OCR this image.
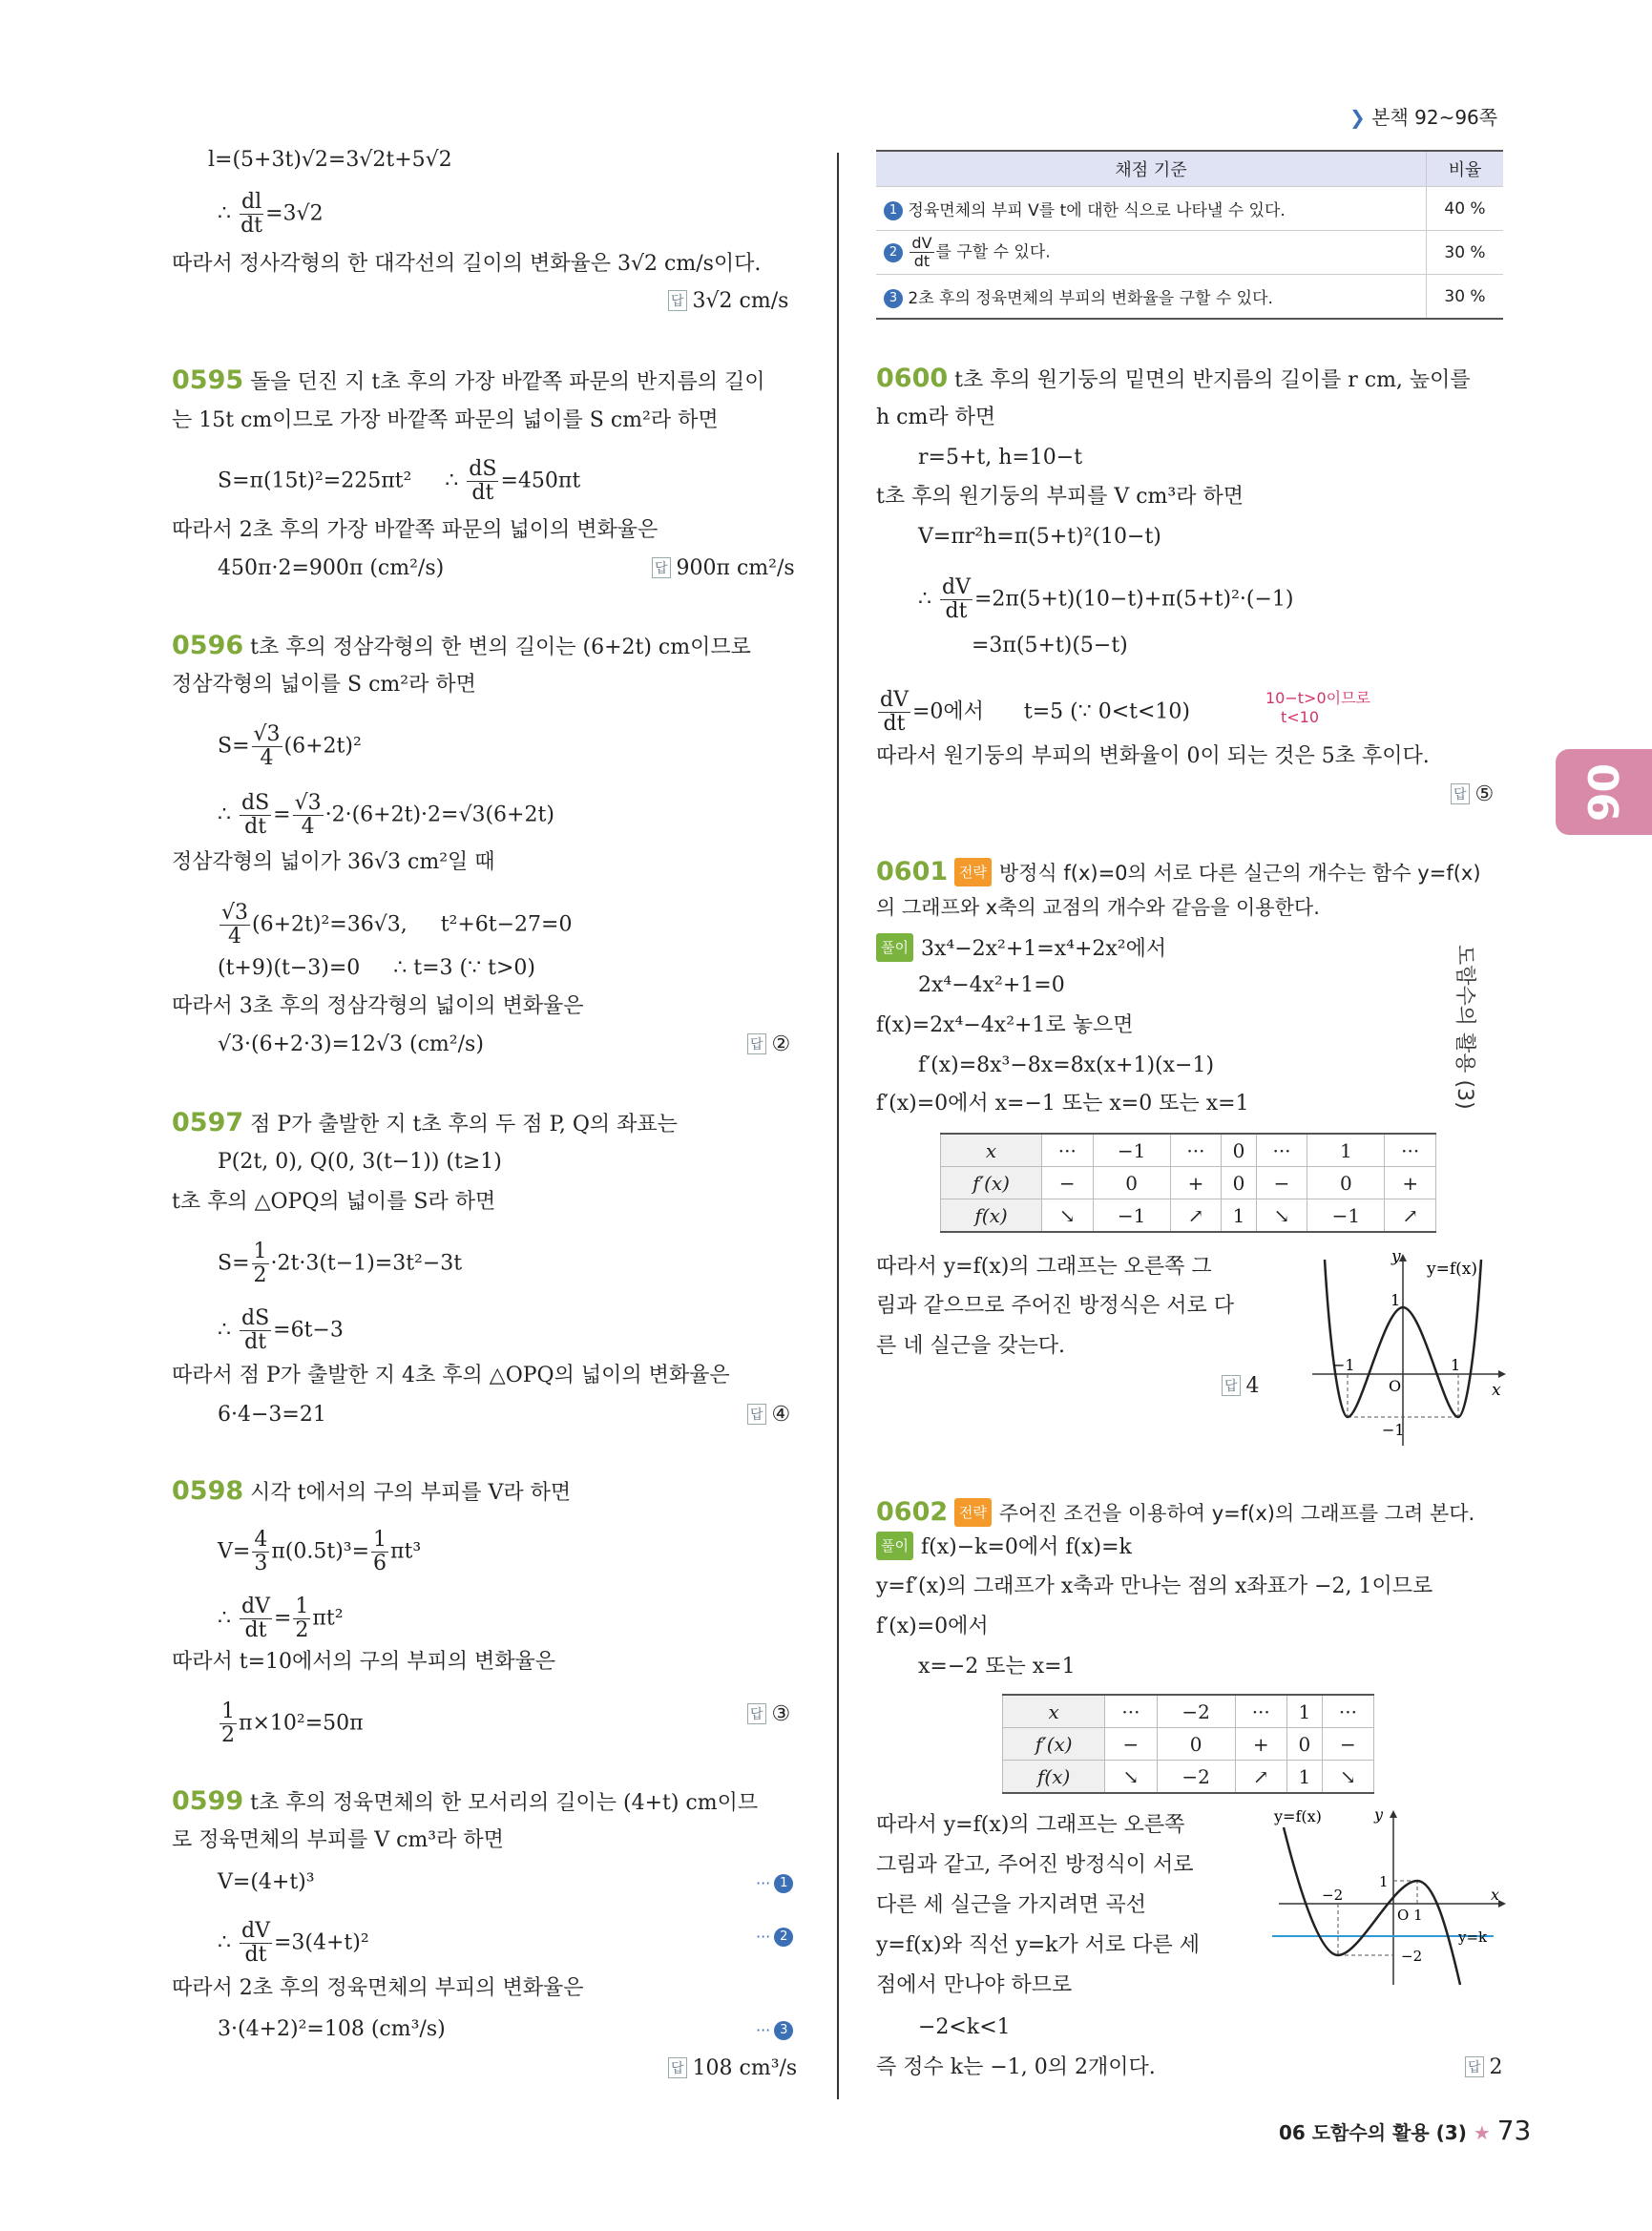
❯ 본책 92~96쪽
06
도함수의 활용 (3)
l=(5+3t)√2=3√2t+5√2
∴ $\frac{dl}{dt} =3√2$
따라서 정사각형의 한 대각선의 길이의 변화율은 3√2 cm/s이다.
답 3√2 cm/s
0595 돌을 던진 지 t초 후의 가장 바깥쪽 파문의 반지름의 길이
는 15t cm이므로 가장 바깥쪽 파문의 넓이를 S cm²라 하면
S=π(15t)²=225πt² ∴ $\frac{dS}{dt} =450\pi t$
따라서 2초 후의 가장 바깥쪽 파문의 넓이의 변화율은
450π·2=900π (cm²/s)	답 900π cm²/s
0596 t초 후의 정삼각형의 한 변의 길이는 (6+2t) cm이므로
정삼각형의 넓이를 S cm²라 하면
$S= \frac{√3}{4} (6+2t)^2$
∴ $\frac{dS}{dt} = \frac{√3}{4} \cdot 2\cdot(6+2t)\cdot 2=√3(6+2t)$
정삼각형의 넓이가 36√3 cm²일 때
$\frac{√3}{4} (6+2t)^2=36√3$, t²+6t−27=0
(t+9)(t−3)=0 ∴ t=3 (∵ t>0)
따라서 3초 후의 정삼각형의 넓이의 변화율은
√3·(6+2·3)=12√3 (cm²/s)	답 ②
0597 점 P가 출발한 지 t초 후의 두 점 P, Q의 좌표는
P(2t, 0), Q(0, 3(t−1)) (t≥1)
t초 후의 △OPQ의 넓이를 S라 하면
$S= \frac{1}{2} \cdot 2t\cdot 3(t-1)=3t^2-3t$
∴ $\frac{dS}{dt} =6t-3$
따라서 점 P가 출발한 지 4초 후의 △OPQ의 넓이의 변화율은
6·4−3=21	답 ④
0598 시각 t에서의 구의 부피를 V라 하면
$V= \frac{4}{3} \pi(0.5t)^3= \frac{1}{6} \pi t^3$
∴ $\frac{dV}{dt} = \frac{1}{2} \pi t^2$
따라서 t=10에서의 구의 부피의 변화율은
$\frac{1}{2} \pi\times 10^2=50\pi$	답 ③
0599 t초 후의 정육면체의 한 모서리의 길이는 (4+t) cm이므
로 정육면체의 부피를 V cm³라 하면
V=(4+t)³	··· 1
∴ $\frac{dV}{dt} =3(4+t)^2$	··· 2
따라서 2초 후의 정육면체의 부피의 변화율은
3·(4+2)²=108 (cm³/s)	··· 3
답 108 cm³/s
채점 기준	비율
1 정육면체의 부피 V를 t에 대한 식으로 나타낼 수 있다.	40 %
$2 \frac{dV}{dt}$ 를 구할 수 있다.	30 %
3 2초 후의 정육면체의 부피의 변화율을 구할 수 있다.	30 %
0600 t초 후의 원기둥의 밑면의 반지름의 길이를 r cm, 높이를
h cm라 하면
r=5+t, h=10−t
t초 후의 원기둥의 부피를 V cm³라 하면
V=πr²h=π(5+t)²(10−t)
∴ $\frac{dV}{dt} =2\pi(5+t)(10-t)+\pi(5+t)^2\cdot(-1)$
=3π(5+t)(5−t)
$\frac{dV}{dt} =0$에서 t=5 (∵ 0<t<10)
10−t>0이므로
t<10
따라서 원기둥의 부피의 변화율이 0이 되는 것은 5초 후이다.
답 ⑤
0601 전략 방정식 f(x)=0의 서로 다른 실근의 개수는 함수 y=f(x)
의 그래프와 x축의 교점의 개수와 같음을 이용한다.
풀이 3x⁴−2x²+1=x⁴+2x²에서
2x⁴−4x²+1=0
f(x)=2x⁴−4x²+1로 놓으면
f′(x)=8x³−8x=8x(x+1)(x−1)
f′(x)=0에서 x=−1 또는 x=0 또는 x=1
x	···	−1	···	0	···	1	···
f′(x)	−	0	+	0	−	0	+
f(x)	↘	−1	↗	1	↘	−1	↗
따라서 y=f(x)의 그래프는 오른쪽 그
림과 같으므로 주어진 방정식은 서로 다
른 네 실근을 갖는다.
답 4
y
x
y=f(x)
O
1
−1	1
−1
0602 전략 주어진 조건을 이용하여 y=f(x)의 그래프를 그려 본다.
풀이 f(x)−k=0에서 f(x)=k
y=f′(x)의 그래프가 x축과 만나는 점의 x좌표가 −2, 1이므로
f′(x)=0에서
x=−2 또는 x=1
x	···	−2	···	1	···
f′(x)	−	0	+	0	−
f(x)	↘	−2	↗	1	↘
따라서 y=f(x)의 그래프는 오른쪽
그림과 같고, 주어진 방정식이 서로
다른 세 실근을 가지려면 곡선
y=f(x)와 직선 y=k가 서로 다른 세
점에서 만나야 하므로
−2<k<1
즉 정수 k는 −1, 0의 2개이다.	답 2
y=f(x)	y
x
−2
1
O 1
−2
y=k
06 도함수의 활용 (3) ★ 73
